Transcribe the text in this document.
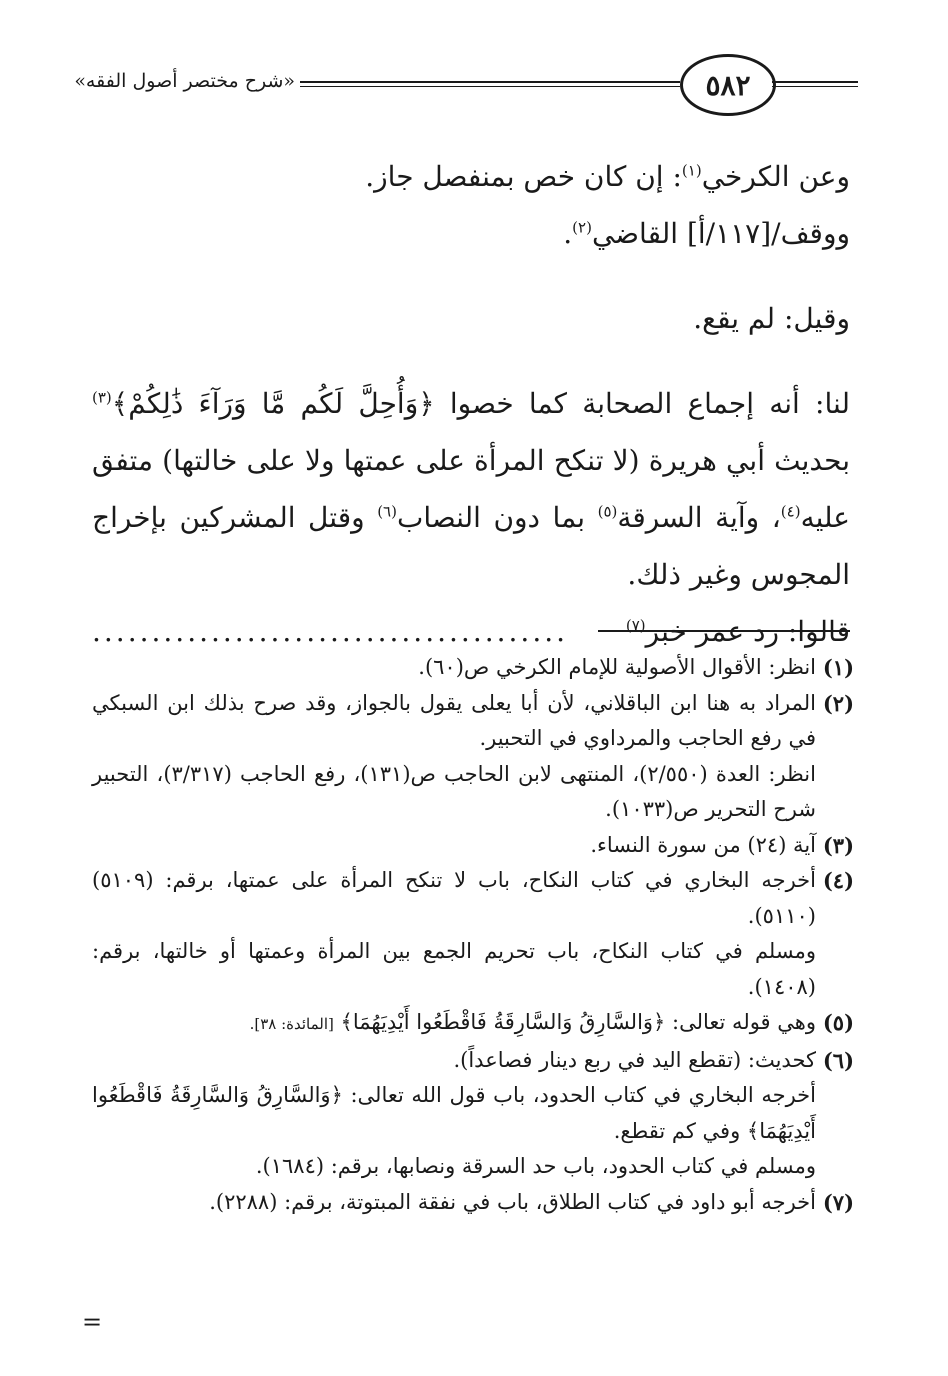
«شرح مختصر أصول الفقه»	٥٨٢

وعن الكرخي$^{(١)}$: إن كان خص بمنفصل جاز.

ووقف/[١١٧/أ] القاضي$^{(٢)}$.

وقيل: لم يقع.

لنا: أنه إجماع الصحابة كما خصوا ﴿وَأُحِلَّ لَكُم مَّا وَرَآءَ ذَٰلِكُمْ﴾$^{(٣)}$ بحديث أبي هريرة (لا تنكح المرأة على عمتها ولا على خالتها) متفق عليه$^{(٤)}$، وآية السرقة$^{(٥)}$ بما دون النصاب$^{(٦)}$ وقتل المشركين بإخراج المجوس وغير ذلك.

قالوا: رد عمر خبر$^{(٧)}$
........................................
(١)

انظر: الأقوال الأصولية للإمام الكرخي ص(٦٠).

(٢)

المراد به هنا ابن الباقلاني، لأن أبا يعلى يقول بالجواز، وقد صرح بذلك ابن السبكي في رفع الحاجب والمرداوي في التحبير.

انظر: العدة (٢/٥٥٠)، المنتهى لابن الحاجب ص(١٣١)، رفع الحاجب (٣/٣١٧)، التحبير شرح التحرير ص(١٠٣٣).

(٣)

آية (٢٤) من سورة النساء.

(٤)

أخرجه البخاري في كتاب النكاح، باب لا تنكح المرأة على عمتها، برقم: (٥١٠٩) (٥١١٠).

ومسلم في كتاب النكاح، باب تحريم الجمع بين المرأة وعمتها أو خالتها، برقم: (١٤٠٨).

(٥)

وهي قوله تعالى: ﴿وَالسَّارِقُ وَالسَّارِقَةُ فَاقْطَعُوا أَيْدِيَهُمَا﴾ [المائدة: ٣٨].

(٦)

كحديث: (تقطع اليد في ربع دينار فصاعداً).

أخرجه البخاري في كتاب الحدود، باب قول الله تعالى: ﴿وَالسَّارِقُ وَالسَّارِقَةُ فَاقْطَعُوا أَيْدِيَهُمَا﴾ وفي كم تقطع.

ومسلم في كتاب الحدود، باب حد السرقة ونصابها، برقم: (١٦٨٤).

(٧)

أخرجه أبو داود في كتاب الطلاق، باب في نفقة المبتوتة، برقم: (٢٢٨٨).

=
